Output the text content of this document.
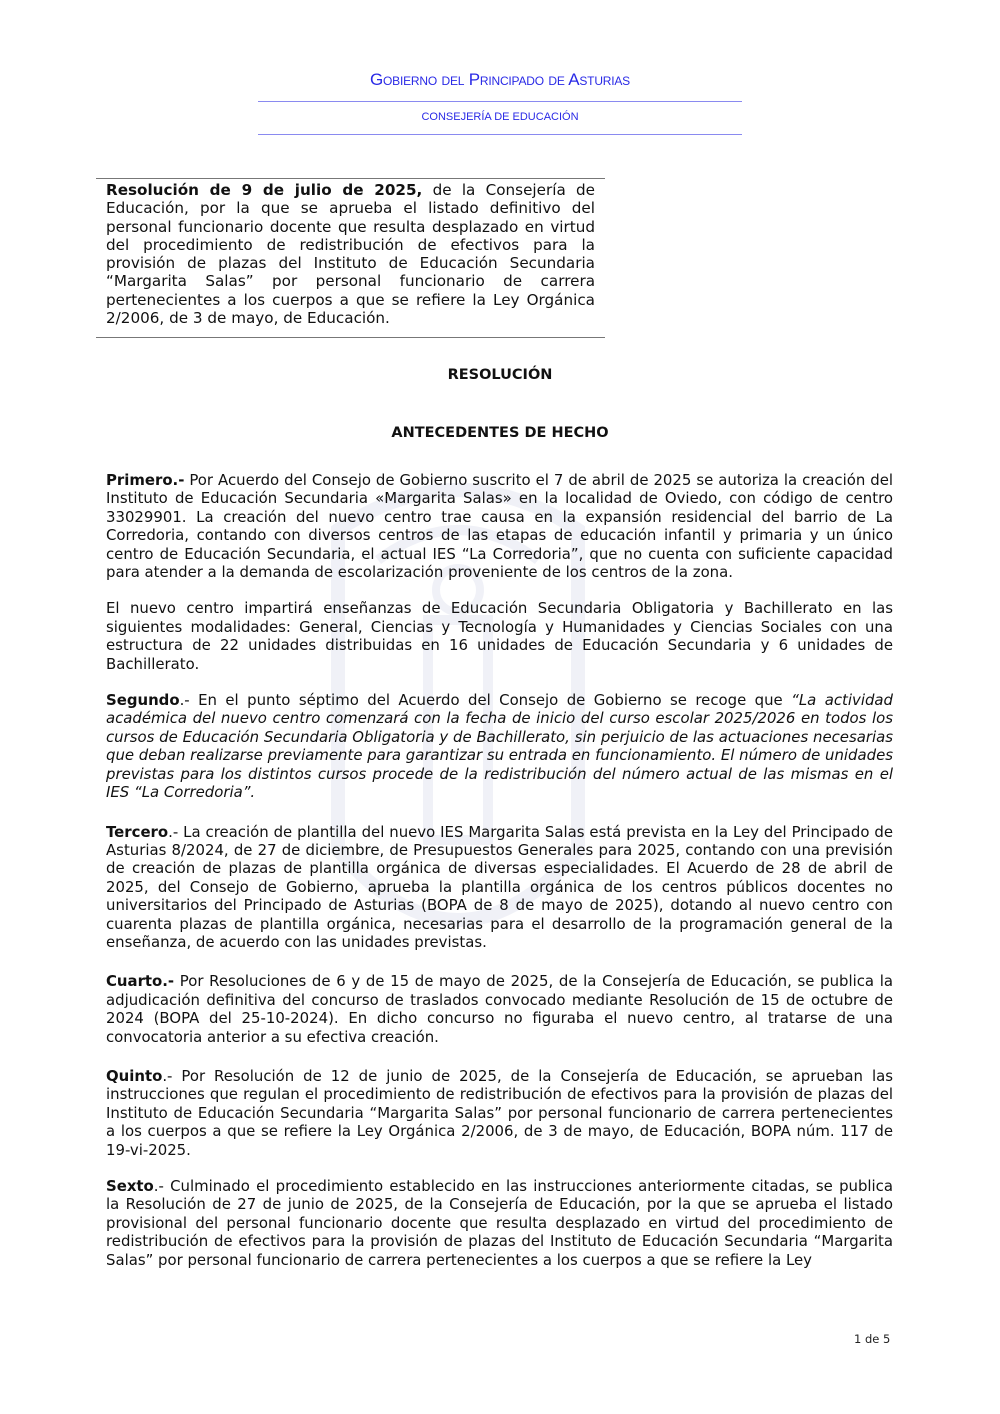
Gobierno del Principado de Asturias
CONSEJERÍA DE EDUCACIÓN

Resolución de 9 de julio de 2025, de la Consejería de Educación, por la que se aprueba el listado definitivo del personal funcionario docente que resulta desplazado en virtud del procedimiento de redistribución de efectivos para la provisión de plazas del Instituto de Educación Secundaria “Margarita Salas” por personal funcionario de carrera pertenecientes a los cuerpos a que se refiere la Ley Orgánica 2/2006, de 3 de mayo, de Educación.

RESOLUCIÓN
ANTECEDENTES DE HECHO

Primero.- Por Acuerdo del Consejo de Gobierno suscrito el 7 de abril de 2025 se autoriza la creación del Instituto de Educación Secundaria «Margarita Salas» en la localidad de Oviedo, con código de centro 33029901. La creación del nuevo centro trae causa en la expansión residencial del barrio de La Corredoria, contando con diversos centros de las etapas de educación infantil y primaria y un único centro de Educación Secundaria, el actual IES “La Corredoria”, que no cuenta con suficiente capacidad para atender a la demanda de escolarización proveniente de los centros de la zona.

El nuevo centro impartirá enseñanzas de Educación Secundaria Obligatoria y Bachillerato en las siguientes modalidades: General, Ciencias y Tecnología y Humanidades y Ciencias Sociales con una estructura de 22 unidades distribuidas en 16 unidades de Educación Secundaria y 6 unidades de Bachillerato.

Segundo.- En el punto séptimo del Acuerdo del Consejo de Gobierno se recoge que “La actividad académica del nuevo centro comenzará con la fecha de inicio del curso escolar 2025/2026 en todos los cursos de Educación Secundaria Obligatoria y de Bachillerato, sin perjuicio de las actuaciones necesarias que deban realizarse previamente para garantizar su entrada en funcionamiento. El número de unidades previstas para los distintos cursos procede de la redistribución del número actual de las mismas en el IES “La Corredoria”.

Tercero.- La creación de plantilla del nuevo IES Margarita Salas está prevista en la Ley del Principado de Asturias 8/2024, de 27 de diciembre, de Presupuestos Generales para 2025, contando con una previsión de creación de plazas de plantilla orgánica de diversas especialidades. El Acuerdo de 28 de abril de 2025, del Consejo de Gobierno, aprueba la plantilla orgánica de los centros públicos docentes no universitarios del Principado de Asturias (BOPA de 8 de mayo de 2025), dotando al nuevo centro con cuarenta plazas de plantilla orgánica, necesarias para el desarrollo de la programación general de la enseñanza, de acuerdo con las unidades previstas.

Cuarto.- Por Resoluciones de 6 y de 15 de mayo de 2025, de la Consejería de Educación, se publica la adjudicación definitiva del concurso de traslados convocado mediante Resolución de 15 de octubre de 2024 (BOPA del 25-10-2024). En dicho concurso no figuraba el nuevo centro, al tratarse de una convocatoria anterior a su efectiva creación.

Quinto.- Por Resolución de 12 de junio de 2025, de la Consejería de Educación, se aprueban las instrucciones que regulan el procedimiento de redistribución de efectivos para la provisión de plazas del Instituto de Educación Secundaria “Margarita Salas” por personal funcionario de carrera pertenecientes a los cuerpos a que se refiere la Ley Orgánica 2/2006, de 3 de mayo, de Educación, BOPA núm. 117 de 19-vi-2025.

Sexto.- Culminado el procedimiento establecido en las instrucciones anteriormente citadas, se publica la Resolución de 27 de junio de 2025, de la Consejería de Educación, por la que se aprueba el listado provisional del personal funcionario docente que resulta desplazado en virtud del procedimiento de redistribución de efectivos para la provisión de plazas del Instituto de Educación Secundaria “Margarita Salas” por personal funcionario de carrera pertenecientes a los cuerpos a que se refiere la Ley

1 de 5
